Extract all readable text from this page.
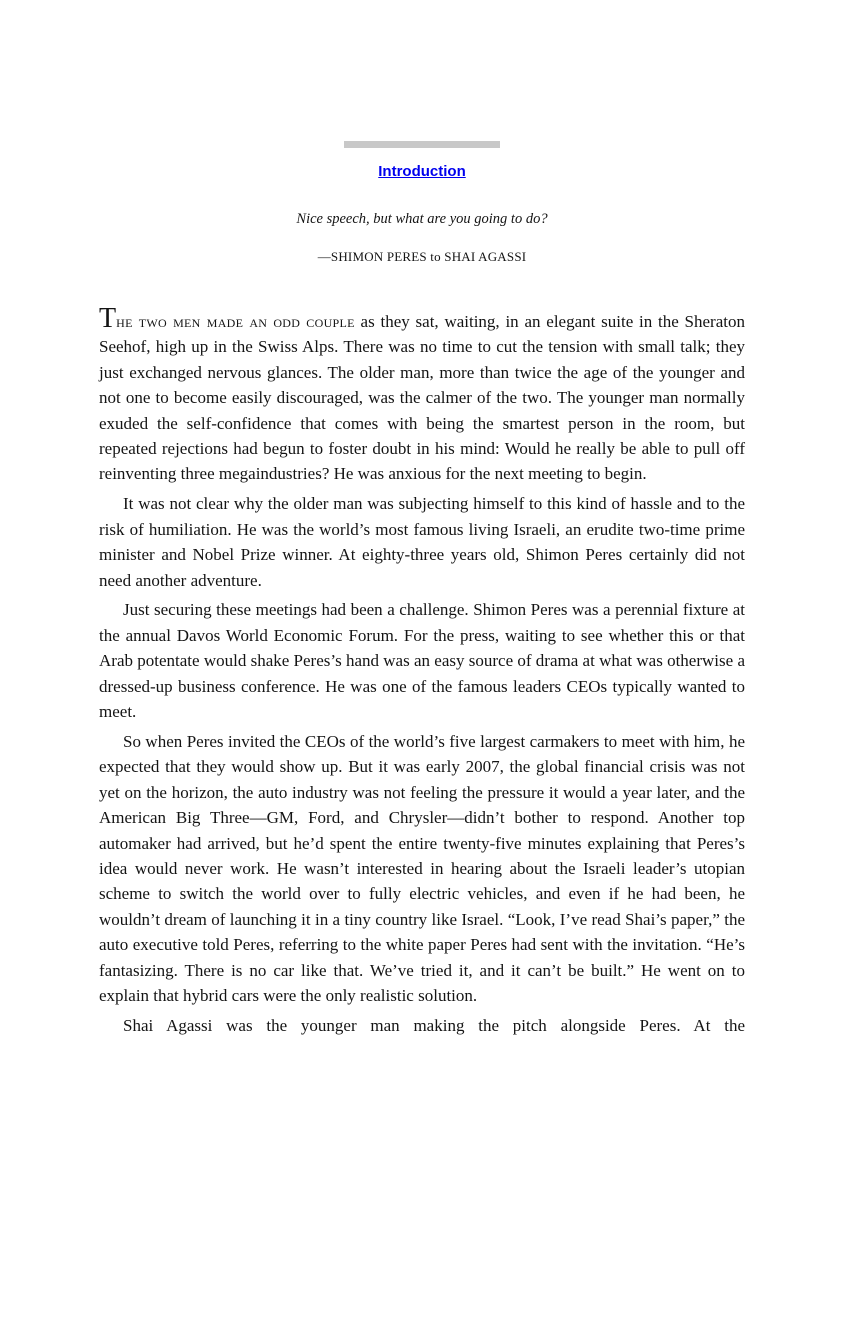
Introduction

Nice speech, but what are you going to do?

—SHIMON PERES to SHAI AGASSI

The two men made an odd couple as they sat, waiting, in an elegant suite in the Sheraton Seehof, high up in the Swiss Alps. There was no time to cut the tension with small talk; they just exchanged nervous glances. The older man, more than twice the age of the younger and not one to become easily discouraged, was the calmer of the two. The younger man normally exuded the self-confidence that comes with being the smartest person in the room, but repeated rejections had begun to foster doubt in his mind: Would he really be able to pull off reinventing three megaindustries? He was anxious for the next meeting to begin.

It was not clear why the older man was subjecting himself to this kind of hassle and to the risk of humiliation. He was the world’s most famous living Israeli, an erudite two-time prime minister and Nobel Prize winner. At eighty-three years old, Shimon Peres certainly did not need another adventure.

Just securing these meetings had been a challenge. Shimon Peres was a perennial fixture at the annual Davos World Economic Forum. For the press, waiting to see whether this or that Arab potentate would shake Peres’s hand was an easy source of drama at what was otherwise a dressed-up business conference. He was one of the famous leaders CEOs typically wanted to meet.

So when Peres invited the CEOs of the world’s five largest carmakers to meet with him, he expected that they would show up. But it was early 2007, the global financial crisis was not yet on the horizon, the auto industry was not feeling the pressure it would a year later, and the American Big Three—GM, Ford, and Chrysler—didn’t bother to respond. Another top automaker had arrived, but he’d spent the entire twenty-five minutes explaining that Peres’s idea would never work. He wasn’t interested in hearing about the Israeli leader’s utopian scheme to switch the world over to fully electric vehicles, and even if he had been, he wouldn’t dream of launching it in a tiny country like Israel. “Look, I’ve read Shai’s paper,” the auto executive told Peres, referring to the white paper Peres had sent with the invitation. “He’s fantasizing. There is no car like that. We’ve tried it, and it can’t be built.” He went on to explain that hybrid cars were the only realistic solution.

Shai Agassi was the younger man making the pitch alongside Peres. At the
